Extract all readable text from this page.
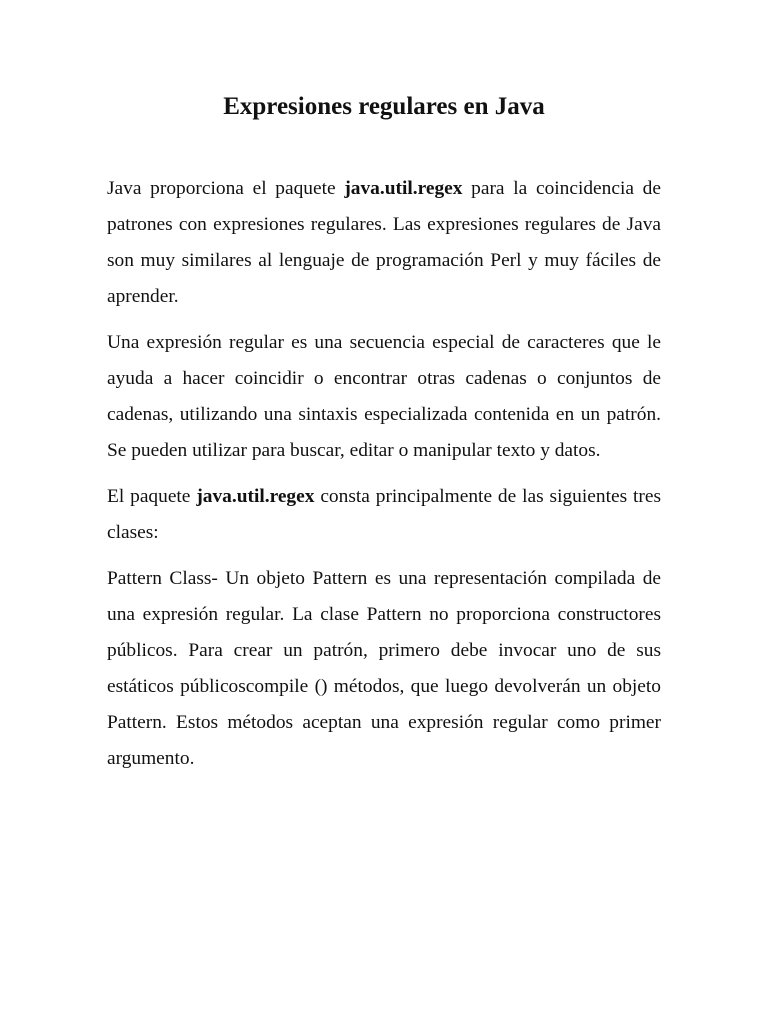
Expresiones regulares en Java

Java proporciona el paquete java.util.regex para la coincidencia de patrones con expresiones regulares. Las expresiones regulares de Java son muy similares al lenguaje de programación Perl y muy fáciles de aprender.

Una expresión regular es una secuencia especial de caracteres que le ayuda a hacer coincidir o encontrar otras cadenas o conjuntos de cadenas, utilizando una sintaxis especializada contenida en un patrón. Se pueden utilizar para buscar, editar o manipular texto y datos.

El paquete java.util.regex consta principalmente de las siguientes tres clases:

Pattern Class- Un objeto Pattern es una representación compilada de una expresión regular. La clase Pattern no proporciona constructores públicos. Para crear un patrón, primero debe invocar uno de sus estáticos públicoscompile () métodos, que luego devolverán un objeto Pattern. Estos métodos aceptan una expresión regular como primer argumento.
